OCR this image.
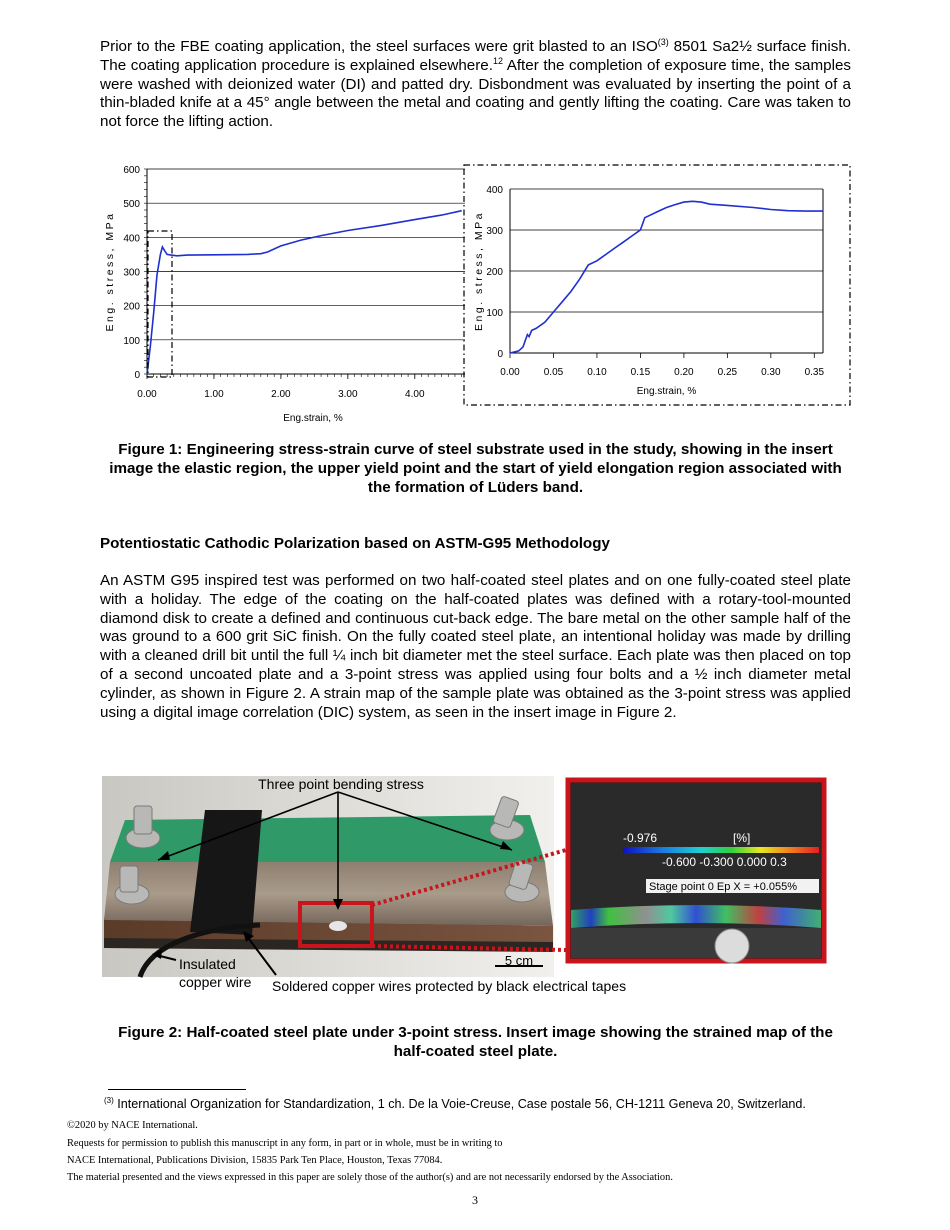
Prior to the FBE coating application, the steel surfaces were grit blasted to an ISO$^{(3)}$ 8501 Sa2½ surface finish. The coating application procedure is explained elsewhere.$^{12}$ After the completion of exposure time, the samples were washed with deionized water (DI) and patted dry. Disbondment was evaluated by inserting the point of a thin-bladed knife at a 45° angle between the metal and coating and gently lifting the coating. Care was taken to not force the lifting action.

0
100
200
300
400
500
600
0.00	1.00	2.00	3.00	4.00
Eng.strain, %
Eng. stress, MPa
0
100
200
300
400
0.00 0.05 0.10 0.15 0.20 0.25 0.30 0.35
Eng.strain, %
Eng. stress, MPa

Figure 1: Engineering stress-strain curve of steel substrate used in the study, showing in the insert image the elastic region, the upper yield point and the start of yield elongation region associated with the formation of Lüders band.

Potentiostatic Cathodic Polarization based on ASTM-G95 Methodology

An ASTM G95 inspired test was performed on two half-coated steel plates and on one fully-coated steel plate with a holiday. The edge of the coating on the half-coated plates was defined with a rotary-tool-mounted diamond disk to create a defined and continuous cut-back edge. The bare metal on the other sample half of the was ground to a 600 grit SiC finish. On the fully coated steel plate, an intentional holiday was made by drilling with a cleaned drill bit until the full ¼ inch bit diameter met the steel surface. Each plate was then placed on top of a second uncoated plate and a 3-point stress was applied using four bolts and a ½ inch diameter metal cylinder, as shown in Figure 2. A strain map of the sample plate was obtained as the 3-point stress was applied using a digital image correlation (DIC) system, as seen in the insert image in Figure 2.

5 cm
Three point bending stress
Insulated
copper wire Soldered copper wires protected by black electrical tapes
-0.976	[%]
-0.600 -0.300 0.000 0.3
Stage point 0 Ep X = +0.055%

Figure 2: Half-coated steel plate under 3-point stress. Insert image showing the strained map of the half-coated steel plate.

$^{(3)}$ International Organization for Standardization, 1 ch. De la Voie-Creuse, Case postale 56, CH-1211 Geneva 20, Switzerland.

©2020 by NACE International.

Requests for permission to publish this manuscript in any form, in part or in whole, must be in writing to

NACE International, Publications Division, 15835 Park Ten Place, Houston, Texas 77084.

The material presented and the views expressed in this paper are solely those of the author(s) and are not necessarily endorsed by the Association.

3
